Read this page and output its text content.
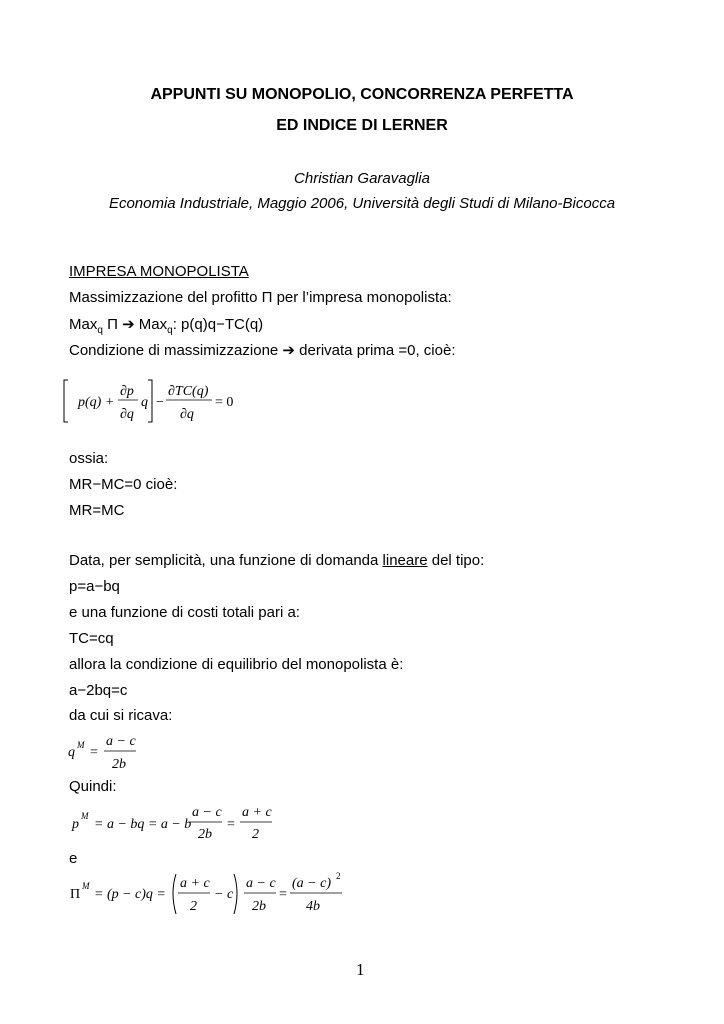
APPUNTI SU MONOPOLIO, CONCORRENZA PERFETTA
ED INDICE DI LERNER
Christian Garavaglia
Economia Industriale, Maggio 2006, Università degli Studi di Milano-Bicocca
IMPRESA MONOPOLISTA
Massimizzazione del profitto Π per l’impresa monopolista:
Max$_q$ Π ➔ Max$_q$: p(q)q−TC(q)
Condizione di massimizzazione ➔ derivata prima =0, cioè:
p(q) +
∂p
∂q
q −
∂TC(q)
∂q
= 0
ossia:
MR−MC=0 cioè:
MR=MC
Data, per semplicità, una funzione di domanda lineare del tipo:
p=a−bq
e una funzione di costi totali pari a:
TC=cq
allora la condizione di equilibrio del monopolista è:
a−2bq=c
da cui si ricava:
q M =
a − c
2b
Quindi:
p
M
= a − bq = a − b
a − c
2b
=
a + c
2
e
Π
M
= (p − c)q =
a + c
2
− c
a − c
2b
=
(a − c) 2
4b
1
